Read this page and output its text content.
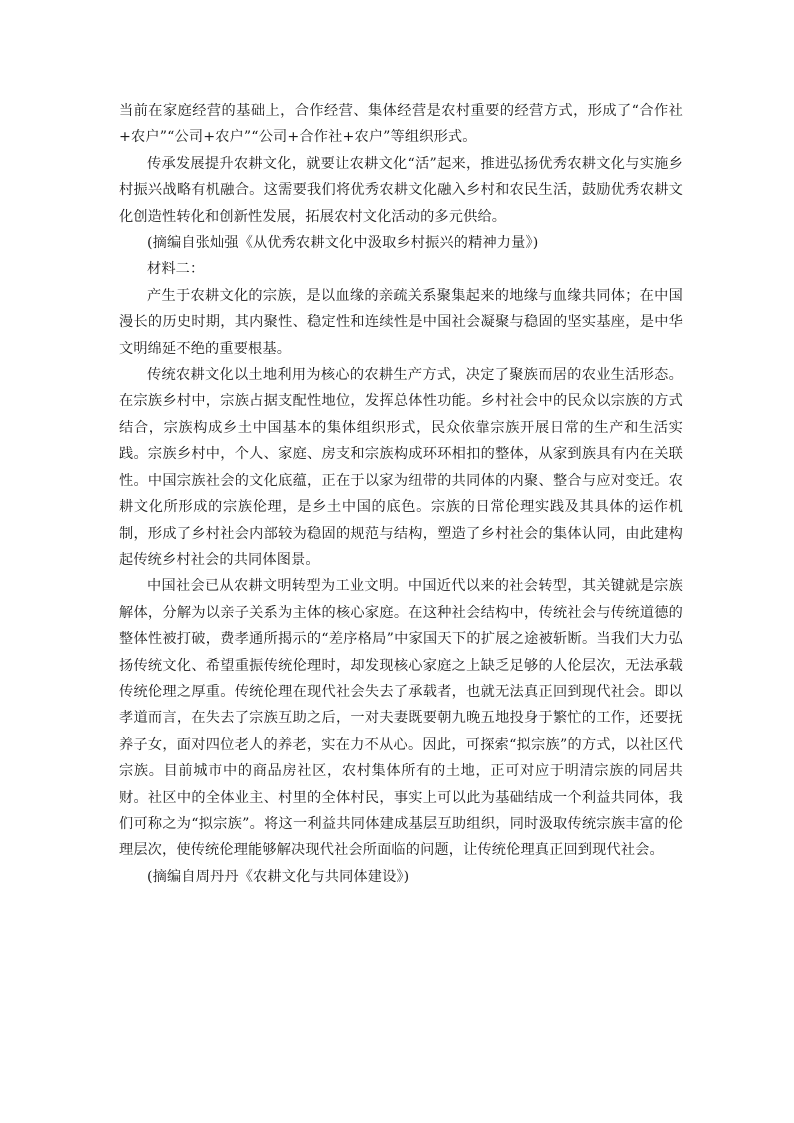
当前在家庭经营的基础上，合作经营、集体经营是农村重要的经营方式，形成了“合作社+农户”“公司+农户”“公司+合作社+农户”等组织形式。

传承发展提升农耕文化，就要让农耕文化“活”起来，推进弘扬优秀农耕文化与实施乡村振兴战略有机融合。这需要我们将优秀农耕文化融入乡村和农民生活，鼓励优秀农耕文化创造性转化和创新性发展，拓展农村文化活动的多元供给。

(摘编自张灿强《从优秀农耕文化中汲取乡村振兴的精神力量》)

材料二：

产生于农耕文化的宗族，是以血缘的亲疏关系聚集起来的地缘与血缘共同体；在中国漫长的历史时期，其内聚性、稳定性和连续性是中国社会凝聚与稳固的坚实基座，是中华文明绵延不绝的重要根基。

传统农耕文化以土地利用为核心的农耕生产方式，决定了聚族而居的农业生活形态。在宗族乡村中，宗族占据支配性地位，发挥总体性功能。乡村社会中的民众以宗族的方式结合，宗族构成乡土中国基本的集体组织形式，民众依靠宗族开展日常的生产和生活实践。宗族乡村中，个人、家庭、房支和宗族构成环环相扣的整体，从家到族具有内在关联性。中国宗族社会的文化底蕴，正在于以家为纽带的共同体的内聚、整合与应对变迁。农耕文化所形成的宗族伦理，是乡土中国的底色。宗族的日常伦理实践及其具体的运作机制，形成了乡村社会内部较为稳固的规范与结构，塑造了乡村社会的集体认同，由此建构起传统乡村社会的共同体图景。

中国社会已从农耕文明转型为工业文明。中国近代以来的社会转型，其关键就是宗族解体，分解为以亲子关系为主体的核心家庭。在这种社会结构中，传统社会与传统道德的整体性被打破，费孝通所揭示的“差序格局”中家国天下的扩展之途被斩断。当我们大力弘扬传统文化、希望重振传统伦理时，却发现核心家庭之上缺乏足够的人伦层次，无法承载传统伦理之厚重。传统伦理在现代社会失去了承载者，也就无法真正回到现代社会。即以孝道而言，在失去了宗族互助之后，一对夫妻既要朝九晚五地投身于繁忙的工作，还要抚养子女，面对四位老人的养老，实在力不从心。因此，可探索“拟宗族”的方式，以社区代宗族。目前城市中的商品房社区，农村集体所有的土地，正可对应于明清宗族的同居共财。社区中的全体业主、村里的全体村民，事实上可以此为基础结成一个利益共同体，我们可称之为“拟宗族”。将这一利益共同体建成基层互助组织，同时汲取传统宗族丰富的伦理层次，使传统伦理能够解决现代社会所面临的问题，让传统伦理真正回到现代社会。

(摘编自周丹丹《农耕文化与共同体建设》)
